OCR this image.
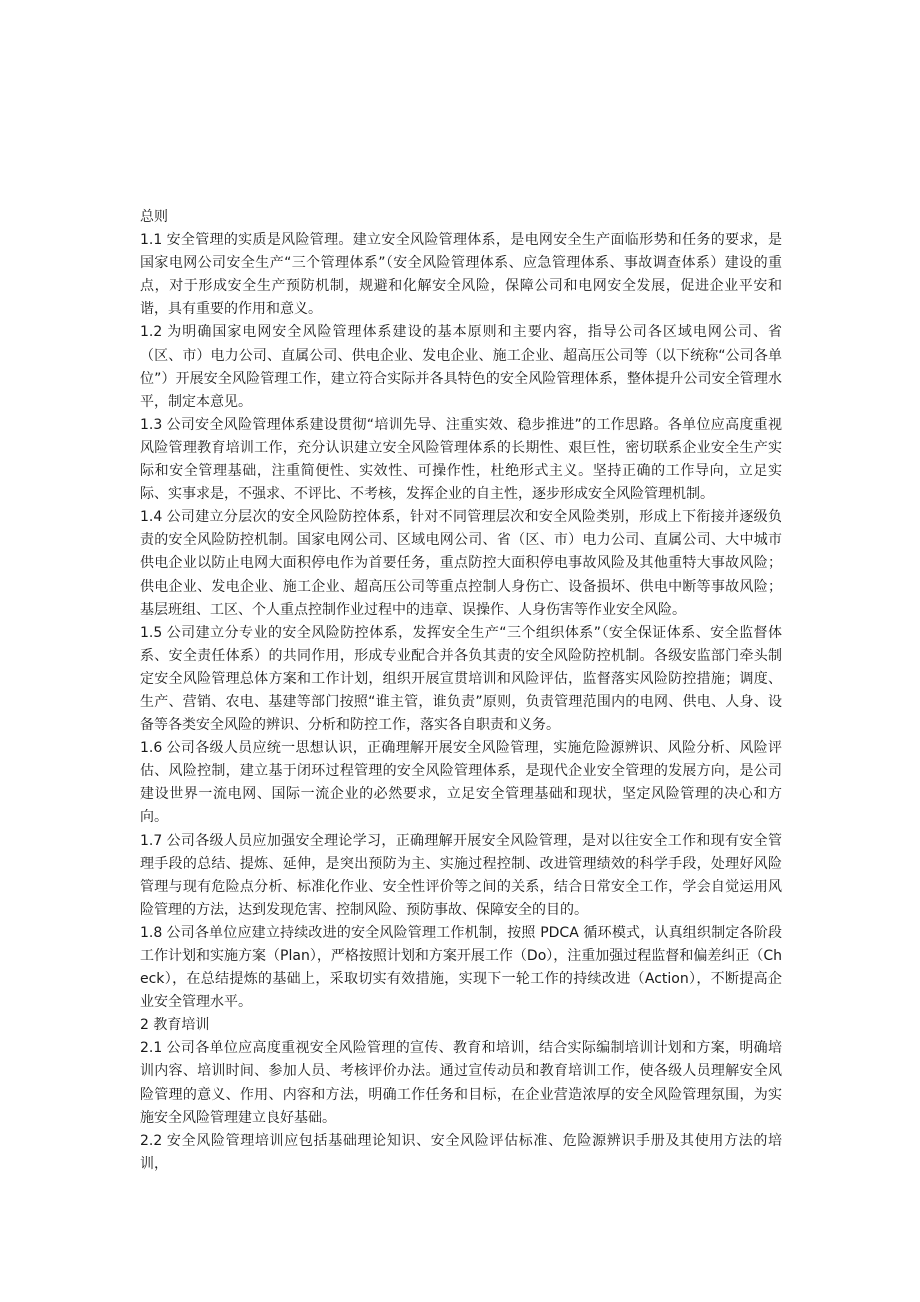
总则

1.1 安全管理的实质是风险管理。建立安全风险管理体系，是电网安全生产面临形势和任务的要求，是国家电网公司安全生产“三个管理体系”（安全风险管理体系、应急管理体系、事故调查体系）建设的重点，对于形成安全生产预防机制，规避和化解安全风险，保障公司和电网安全发展，促进企业平安和谐，具有重要的作用和意义。

1.2 为明确国家电网安全风险管理体系建设的基本原则和主要内容，指导公司各区域电网公司、省（区、市）电力公司、直属公司、供电企业、发电企业、施工企业、超高压公司等（以下统称“公司各单位”）开展安全风险管理工作，建立符合实际并各具特色的安全风险管理体系，整体提升公司安全管理水平，制定本意见。

1.3 公司安全风险管理体系建设贯彻“培训先导、注重实效、稳步推进”的工作思路。各单位应高度重视风险管理教育培训工作，充分认识建立安全风险管理体系的长期性、艰巨性，密切联系企业安全生产实际和安全管理基础，注重简便性、实效性、可操作性，杜绝形式主义。坚持正确的工作导向，立足实际、实事求是，不强求、不评比、不考核，发挥企业的自主性，逐步形成安全风险管理机制。

1.4 公司建立分层次的安全风险防控体系，针对不同管理层次和安全风险类别，形成上下衔接并逐级负责的安全风险防控机制。国家电网公司、区域电网公司、省（区、市）电力公司、直属公司、大中城市供电企业以防止电网大面积停电作为首要任务，重点防控大面积停电事故风险及其他重特大事故风险；供电企业、发电企业、施工企业、超高压公司等重点控制人身伤亡、设备损坏、供电中断等事故风险；基层班组、工区、个人重点控制作业过程中的违章、误操作、人身伤害等作业安全风险。

1.5 公司建立分专业的安全风险防控体系，发挥安全生产“三个组织体系”（安全保证体系、安全监督体系、安全责任体系）的共同作用，形成专业配合并各负其责的安全风险防控机制。各级安监部门牵头制定安全风险管理总体方案和工作计划，组织开展宣贯培训和风险评估，监督落实风险防控措施；调度、生产、营销、农电、基建等部门按照“谁主管，谁负责”原则，负责管理范围内的电网、供电、人身、设备等各类安全风险的辨识、分析和防控工作，落实各自职责和义务。

1.6 公司各级人员应统一思想认识，正确理解开展安全风险管理，实施危险源辨识、风险分析、风险评估、风险控制，建立基于闭环过程管理的安全风险管理体系，是现代企业安全管理的发展方向，是公司建设世界一流电网、国际一流企业的必然要求，立足安全管理基础和现状，坚定风险管理的决心和方向。

1.7 公司各级人员应加强安全理论学习，正确理解开展安全风险管理，是对以往安全工作和现有安全管理手段的总结、提炼、延伸，是突出预防为主、实施过程控制、改进管理绩效的科学手段，处理好风险管理与现有危险点分析、标准化作业、安全性评价等之间的关系，结合日常安全工作，学会自觉运用风险管理的方法，达到发现危害、控制风险、预防事故、保障安全的目的。

1.8 公司各单位应建立持续改进的安全风险管理工作机制，按照 PDCA 循环模式，认真组织制定各阶段工作计划和实施方案（Plan），严格按照计划和方案开展工作（Do），注重加强过程监督和偏差纠正（Check），在总结提炼的基础上，采取切实有效措施，实现下一轮工作的持续改进（Action），不断提高企业安全管理水平。

2 教育培训

2.1 公司各单位应高度重视安全风险管理的宣传、教育和培训，结合实际编制培训计划和方案，明确培训内容、培训时间、参加人员、考核评价办法。通过宣传动员和教育培训工作，使各级人员理解安全风险管理的意义、作用、内容和方法，明确工作任务和目标，在企业营造浓厚的安全风险管理氛围，为实施安全风险管理建立良好基础。

2.2 安全风险管理培训应包括基础理论知识、安全风险评估标准、危险源辨识手册及其使用方法的培训，
